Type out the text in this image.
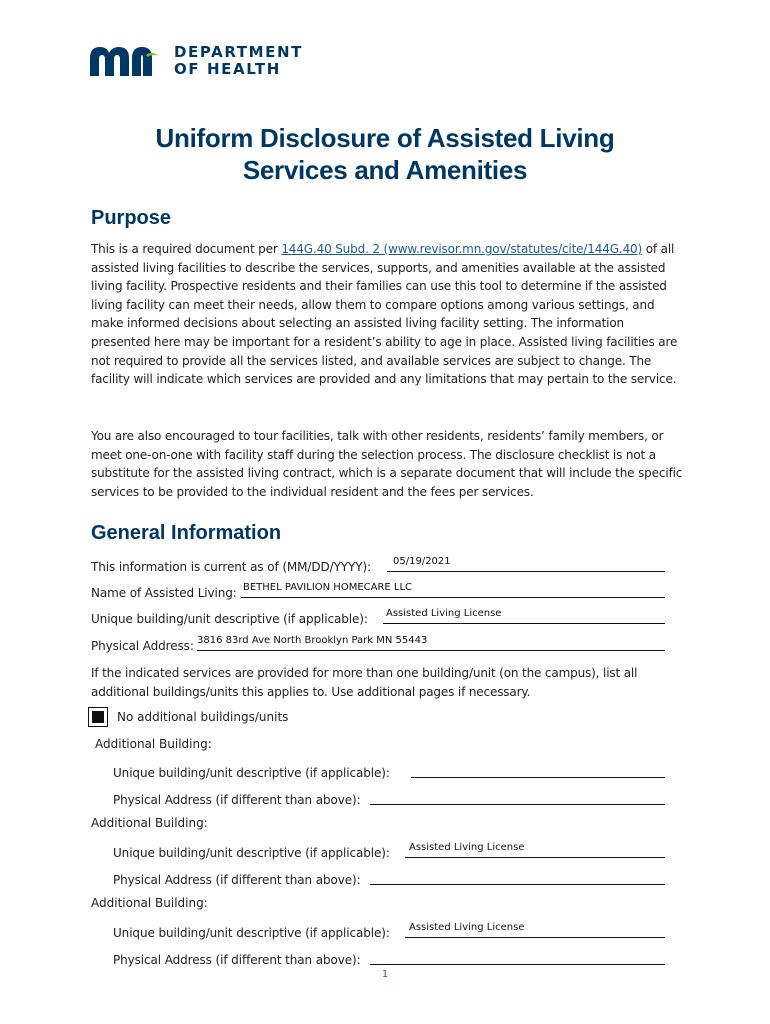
DEPARTMENT
OF HEALTH
Uniform Disclosure of Assisted Living
Services and Amenities
Purpose
This is a required document per 144G.40 Subd. 2 (www.revisor.mn.gov/statutes/cite/144G.40) of all assisted living facilities to describe the services, supports, and amenities available at the assisted living facility. Prospective residents and their families can use this tool to determine if the assisted living facility can meet their needs, allow them to compare options among various settings, and make informed decisions about selecting an assisted living facility setting. The information presented here may be important for a resident’s ability to age in place. Assisted living facilities are not required to provide all the services listed, and available services are subject to change. The facility will indicate which services are provided and any limitations that may pertain to the service.
You are also encouraged to tour facilities, talk with other residents, residents’ family members, or meet one-on-one with facility staff during the selection process. The disclosure checklist is not a substitute for the assisted living contract, which is a separate document that will include the specific services to be provided to the individual resident and the fees per services.
General Information
This information is current as of (MM/DD/YYYY): 05/19/2021
Name of Assisted Living: BETHEL PAVILION HOMECARE LLC
Unique building/unit descriptive (if applicable): Assisted Living License
Physical Address: 3816 83rd Ave North Brooklyn Park MN 55443
If the indicated services are provided for more than one building/unit (on the campus), list all additional buildings/units this applies to. Use additional pages if necessary.
No additional buildings/units
Additional Building:
Unique building/unit descriptive (if applicable):
Physical Address (if different than above):
Additional Building:
Unique building/unit descriptive (if applicable): Assisted Living License
Physical Address (if different than above):
Additional Building:
Unique building/unit descriptive (if applicable): Assisted Living License
Physical Address (if different than above):
1
